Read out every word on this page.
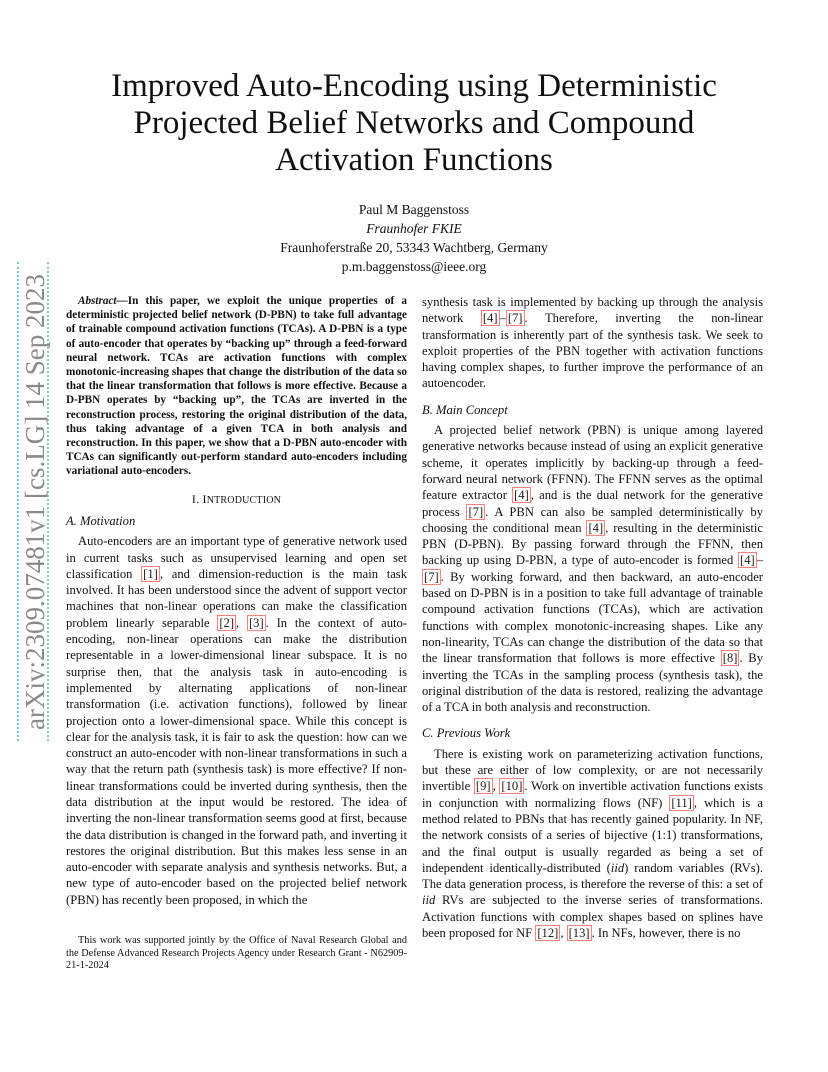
arXiv:2309.07481v1 [cs.LG] 14 Sep 2023
Improved Auto-Encoding using Deterministic Projected Belief Networks and Compound Activation Functions
Paul M Baggenstoss
Fraunhofer FKIE
Fraunhoferstraße 20, 53343 Wachtberg, Germany
p.m.baggenstoss@ieee.org

Abstract—In this paper, we exploit the unique properties of a deterministic projected belief network (D-PBN) to take full advantage of trainable compound activation functions (TCAs). A D-PBN is a type of auto-encoder that operates by “backing up” through a feed-forward neural network. TCAs are activation functions with complex monotonic-increasing shapes that change the distribution of the data so that the linear transformation that follows is more effective. Because a D-PBN operates by “backing up”, the TCAs are inverted in the reconstruction process, restoring the original distribution of the data, thus taking advantage of a given TCA in both analysis and reconstruction. In this paper, we show that a D-PBN auto-encoder with TCAs can significantly out-perform standard auto-encoders including variational auto-encoders.

I. INTRODUCTION
A. Motivation

Auto-encoders are an important type of generative network used in current tasks such as unsupervised learning and open set classification [1] , and dimension-reduction is the main task involved. It has been understood since the advent of support vector machines that non-linear operations can make the classification problem linearly separable [2] , [3] . In the context of auto-encoding, non-linear operations can make the distribution representable in a lower-dimensional linear subspace. It is no surprise then, that the analysis task in auto-encoding is implemented by alternating applications of non-linear transformation (i.e. activation functions), followed by linear projection onto a lower-dimensional space. While this concept is clear for the analysis task, it is fair to ask the question: how can we construct an auto-encoder with non-linear transformations in such a way that the return path (synthesis task) is more effective? If non-linear transformations could be inverted during synthesis, then the data distribution at the input would be restored. The idea of inverting the non-linear transformation seems good at first, because the data distribution is changed in the forward path, and inverting it restores the original distribution. But this makes less sense in an auto-encoder with separate analysis and synthesis networks. But, a new type of auto-encoder based on the projected belief network (PBN) has recently been proposed, in which the

This work was supported jointly by the Office of Naval Research Global and the Defense Advanced Research Projects Agency under Research Grant - N62909-21-1-2024

synthesis task is implemented by backing up through the analysis network [4] – [7] . Therefore, inverting the non-linear transformation is inherently part of the synthesis task. We seek to exploit properties of the PBN together with activation functions having complex shapes, to further improve the performance of an autoencoder.

B. Main Concept

A projected belief network (PBN) is unique among layered generative networks because instead of using an explicit generative scheme, it operates implicitly by backing-up through a feed-forward neural network (FFNN). The FFNN serves as the optimal feature extractor [4] , and is the dual network for the generative process [7] . A PBN can also be sampled deterministically by choosing the conditional mean [4] , resulting in the deterministic PBN (D-PBN). By passing forward through the FFNN, then backing up using D-PBN, a type of auto-encoder is formed [4] –[7] . By working forward, and then backward, an auto-encoder based on D-PBN is in a position to take full advantage of trainable compound activation functions (TCAs), which are activation functions with complex monotonic-increasing shapes. Like any non-linearity, TCAs can change the distribution of the data so that the linear transformation that follows is more effective [8] . By inverting the TCAs in the sampling process (synthesis task), the original distribution of the data is restored, realizing the advantage of a TCA in both analysis and reconstruction.

C. Previous Work

There is existing work on parameterizing activation functions, but these are either of low complexity, or are not necessarily invertible [9] , [10] . Work on invertible activation functions exists in conjunction with normalizing flows (NF) [11] , which is a method related to PBNs that has recently gained popularity. In NF, the network consists of a series of bijective (1:1) transformations, and the final output is usually regarded as being a set of independent identically-distributed (iid) random variables (RVs). The data generation process, is therefore the reverse of this: a set of iid RVs are subjected to the inverse series of transformations. Activation functions with complex shapes based on splines have been proposed for NF [12] , [13] . In NFs, however, there is no
